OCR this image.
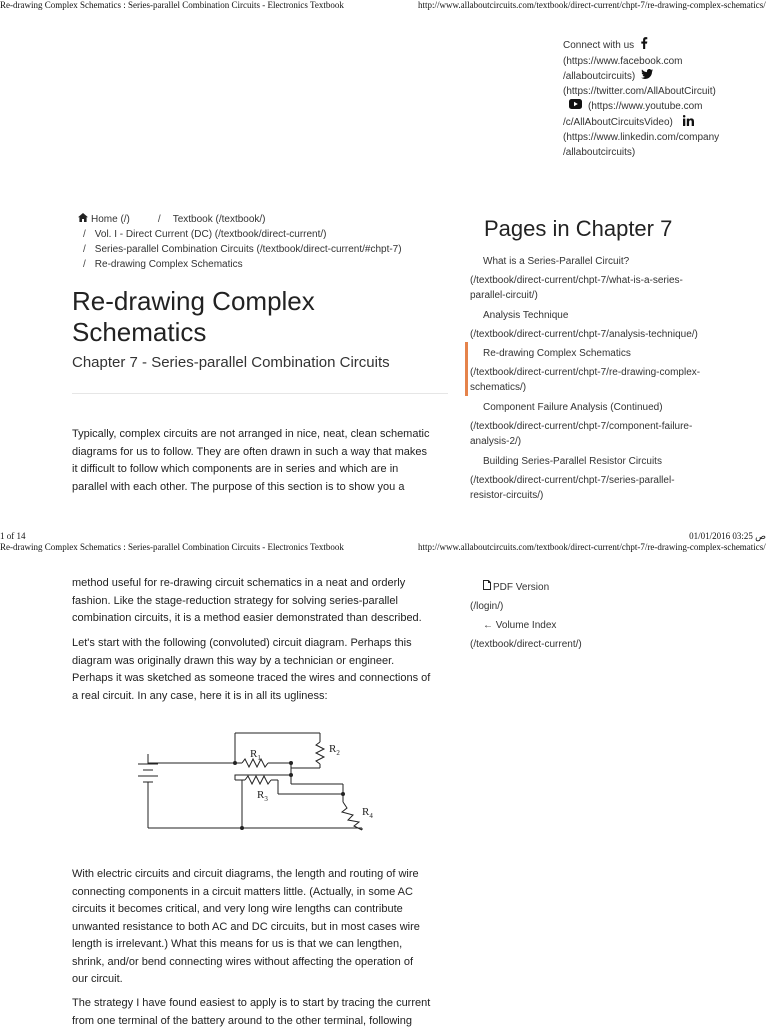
Re-drawing Complex Schematics : Series-parallel Combination Circuits - Electronics Textbook	http://www.allaboutcircuits.com/textbook/direct-current/chpt-7/re-drawing-complex-schematics/
Connect with us
(https://www.facebook.com
/allaboutcircuits)
(https://twitter.com/AllAboutCircuit)
(https://www.youtube.com
/c/AllAboutCircuitsVideo)
(https://www.linkedin.com/company
/allaboutcircuits)
Home (/)	/ Textbook (/textbook/)
/ Vol. I - Direct Current (DC) (/textbook/direct-current/)
/ Series-parallel Combination Circuits (/textbook/direct-current/#chpt-7)
/ Re-drawing Complex Schematics
Re-drawing Complex
Schematics
Chapter 7 - Series-parallel Combination Circuits
Typically, complex circuits are not arranged in nice, neat, clean schematic
diagrams for us to follow. They are often drawn in such a way that makes
it difficult to follow which components are in series and which are in
parallel with each other. The purpose of this section is to show you a
Pages in Chapter 7
What is a Series-Parallel Circuit?
(/textbook/direct-current/chpt-7/what-is-a-series-
parallel-circuit/)
Analysis Technique
(/textbook/direct-current/chpt-7/analysis-technique/)
Re-drawing Complex Schematics
(/textbook/direct-current/chpt-7/re-drawing-complex-
schematics/)
Component Failure Analysis (Continued)
(/textbook/direct-current/chpt-7/component-failure-
analysis-2/)
Building Series-Parallel Resistor Circuits
(/textbook/direct-current/chpt-7/series-parallel-
resistor-circuits/)
1 of 14	01/01/2016 03:25 ص
Re-drawing Complex Schematics : Series-parallel Combination Circuits - Electronics Textbook	http://www.allaboutcircuits.com/textbook/direct-current/chpt-7/re-drawing-complex-schematics/
method useful for re-drawing circuit schematics in a neat and orderly
fashion. Like the stage-reduction strategy for solving series-parallel
combination circuits, it is a method easier demonstrated than described.
Let's start with the following (convoluted) circuit diagram. Perhaps this
diagram was originally drawn this way by a technician or engineer.
Perhaps it was sketched as someone traced the wires and connections of
a real circuit. In any case, here it is in all its ugliness:
$R_1$
$R_2$
$R_3$
$R_4$
With electric circuits and circuit diagrams, the length and routing of wire
connecting components in a circuit matters little. (Actually, in some AC
circuits it becomes critical, and very long wire lengths can contribute
unwanted resistance to both AC and DC circuits, but in most cases wire
length is irrelevant.) What this means for us is that we can lengthen,
shrink, and/or bend connecting wires without affecting the operation of
our circuit.
The strategy I have found easiest to apply is to start by tracing the current
from one terminal of the battery around to the other terminal, following
PDF Version
(/login/)
← Volume Index
(/textbook/direct-current/)
